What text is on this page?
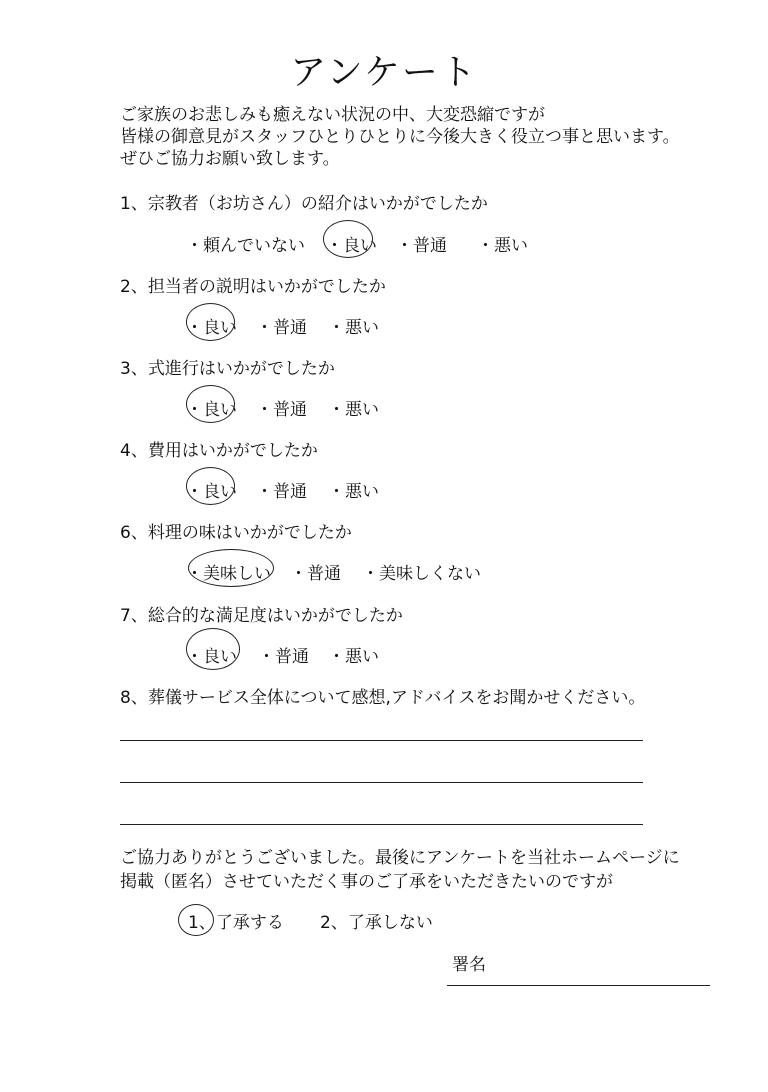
アンケート
ご家族のお悲しみも癒えない状況の中、大変恐縮ですが
皆様の御意見がスタッフひとりひとりに今後大きく役立つ事と思います。
ぜひご協力お願い致します。
1、宗教者（お坊さん）の紹介はいかがでしたか
・頼んでいない ・良い ・普通 ・悪い
2、担当者の説明はいかがでしたか
・良い ・普通 ・悪い
3、式進行はいかがでしたか
・良い ・普通 ・悪い
4、費用はいかがでしたか
・良い ・普通 ・悪い
6、料理の味はいかがでしたか
・美味しい ・普通 ・美味しくない
7、総合的な満足度はいかがでしたか
・良い ・普通 ・悪い
8、葬儀サービス全体について感想,アドバイスをお聞かせください。
ご協力ありがとうございました。最後にアンケートを当社ホームページに
掲載（匿名）させていただく事のご了承をいただきたいのですが
1、了承する 2、了承しない
署名
